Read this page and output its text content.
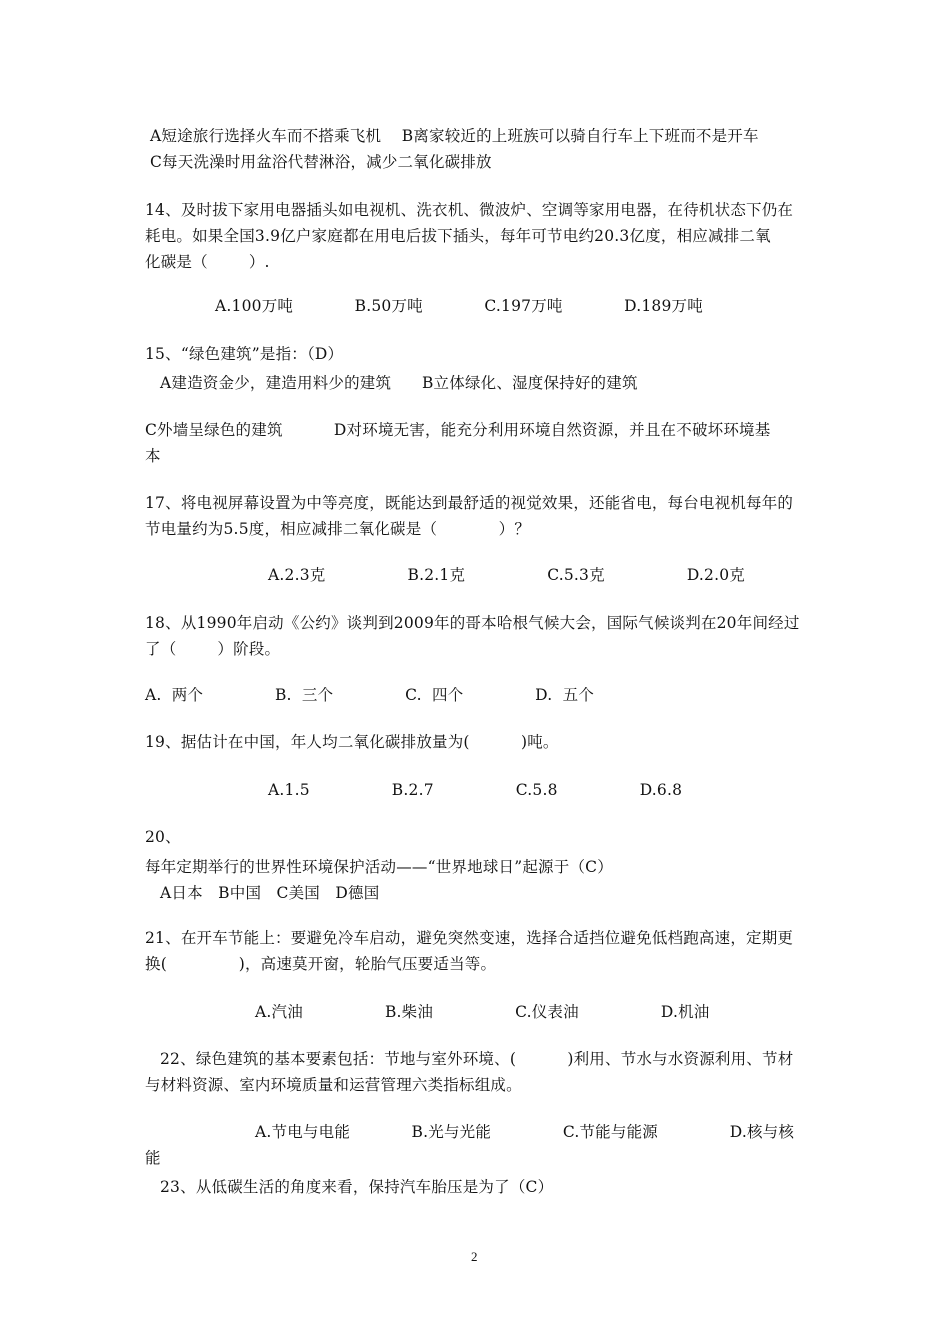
A短途旅行选择火车而不搭乘飞机    B离家较近的上班族可以骑自行车上下班而不是开车
C每天洗澡时用盆浴代替淋浴，减少二氧化碳排放
14、及时拔下家用电器插头如电视机、洗衣机、微波炉、空调等家用电器，在待机状态下仍在
耗电。如果全国3.9亿户家庭都在用电后拔下插头，每年可节电约20.3亿度，相应减排二氧
化碳是（        ）.
A.100万吨            B.50万吨            C.197万吨            D.189万吨
15、“绿色建筑”是指：（D）
A建造资金少，建造用料少的建筑      B立体绿化、湿度保持好的建筑
C外墙呈绿色的建筑          D对环境无害，能充分利用环境自然资源，并且在不破坏环境基
本
17、将电视屏幕设置为中等亮度，既能达到最舒适的视觉效果，还能省电，每台电视机每年的
节电量约为5.5度，相应减排二氧化碳是（            ）？
A.2.3克                B.2.1克                C.5.3克                D.2.0克
18、从1990年启动《公约》谈判到2009年的哥本哈根气候大会，国际气候谈判在20年间经过
了（        ）阶段。
A.  两个              B.  三个              C.  四个              D.  五个
19、据估计在中国，年人均二氧化碳排放量为(          )吨。
A.1.5                B.2.7                C.5.8                D.6.8
20、
每年定期举行的世界性环境保护活动——“世界地球日”起源于（C）
A日本   B中国   C美国   D德国
21、在开车节能上：要避免冷车启动，避免突然变速，选择合适挡位避免低档跑高速，定期更
换(              )，高速莫开窗，轮胎气压要适当等。
A.汽油                B.柴油                C.仪表油                D.机油
22、绿色建筑的基本要素包括：节地与室外环境、(          )利用、节水与水资源利用、节材
与材料资源、室内环境质量和运营管理六类指标组成。
A.节电与电能            B.光与光能              C.节能与能源              D.核与核
能
23、从低碳生活的角度来看，保持汽车胎压是为了（C）
2
